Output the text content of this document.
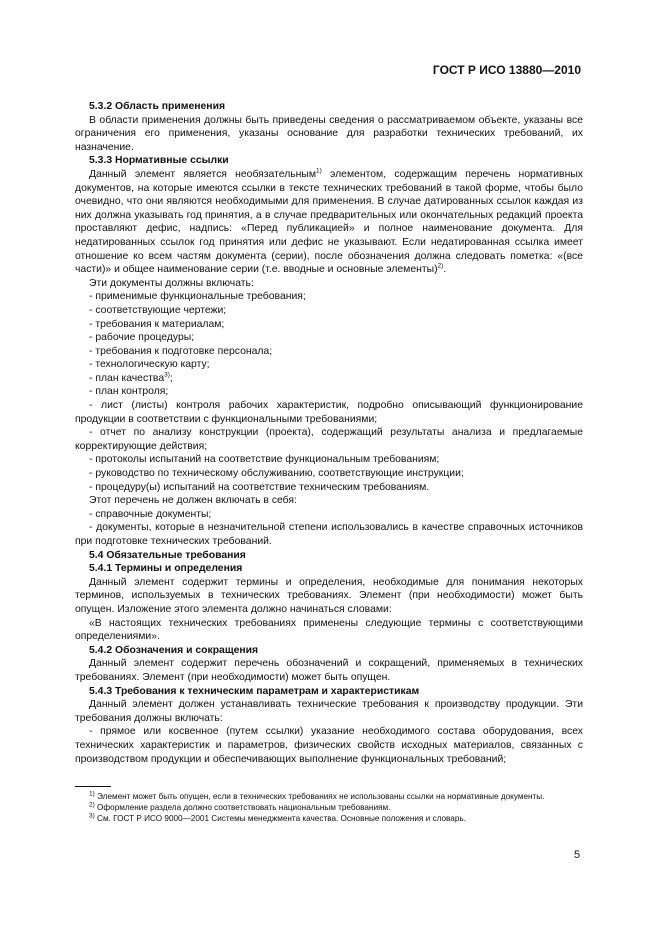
ГОСТ Р ИСО 13880—2010

5.3.2 Область применения

В области применения должны быть приведены сведения о рассматриваемом объекте, указаны все ограничения его применения, указаны основание для разработки технических требований, их назначение.

5.3.3 Нормативные ссылки

Данный элемент является необязательным$^{1)}$ элементом, содержащим перечень нормативных документов, на которые имеются ссылки в тексте технических требований в такой форме, чтобы было очевидно, что они являются необходимыми для применения. В случае датированных ссылок каждая из них должна указывать год принятия, а в случае предварительных или окончательных редакций проекта проставляют дефис, надпись: «Перед публикацией» и полное наименование документа. Для недатированных ссылок год принятия или дефис не указывают. Если недатированная ссылка имеет отношение ко всем частям документа (серии), после обозначения должна следовать пометка: «(все части)» и общее наименование серии (т.е. вводные и основные элементы)$^{2)}$.

Эти документы должны включать:

- применимые функциональные требования;

- соответствующие чертежи;

- требования к материалам;

- рабочие процедуры;

- требования к подготовке персонала;

- технологическую карту;

- план качества$^{3)}$;

- план контроля;

- лист (листы) контроля рабочих характеристик, подробно описывающий функционирование продукции в соответствии с функциональными требованиями;

- отчет по анализу конструкции (проекта), содержащий результаты анализа и предлагаемые корректирующие действия;

- протоколы испытаний на соответствие функциональным требованиям;

- руководство по техническому обслуживанию, соответствующие инструкции;

- процедуру(ы) испытаний на соответствие техническим требованиям.

Этот перечень не должен включать в себя:

- справочные документы;

- документы, которые в незначительной степени использовались в качестве справочных источников при подготовке технических требований.

5.4 Обязательные требования

5.4.1 Термины и определения

Данный элемент содержит термины и определения, необходимые для понимания некоторых терминов, используемых в технических требованиях. Элемент (при необходимости) может быть опущен. Изложение этого элемента должно начинаться словами:

«В настоящих технических требованиях применены следующие термины с соответствующими определениями».

5.4.2 Обозначения и сокращения

Данный элемент содержит перечень обозначений и сокращений, применяемых в технических требованиях. Элемент (при необходимости) может быть опущен.

5.4.3 Требования к техническим параметрам и характеристикам

Данный элемент должен устанавливать технические требования к производству продукции. Эти требования должны включать:

- прямое или косвенное (путем ссылки) указание необходимого состава оборудования, всех технических характеристик и параметров, физических свойств исходных материалов, связанных с производством продукции и обеспечивающих выполнение функциональных требований;

$^{1)}$ Элемент может быть опущен, если в технических требованиях не использованы ссылки на нормативные документы.

$^{2)}$ Оформление раздела должно соответствовать национальным требованиям.

$^{3)}$ См. ГОСТ Р ИСО 9000—2001 Системы менеджмента качества. Основные положения и словарь.

5
